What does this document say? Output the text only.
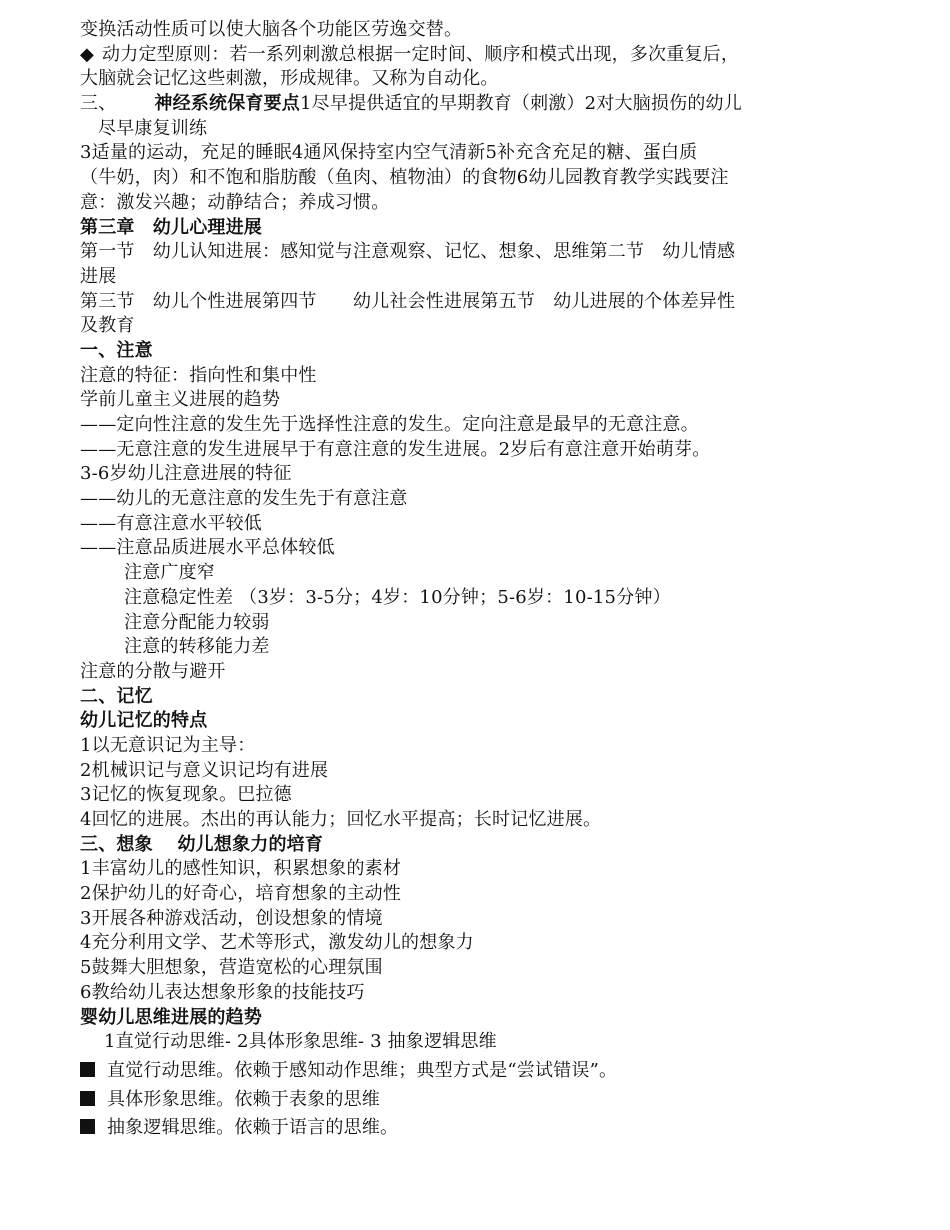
变换活动性质可以使大脑各个功能区劳逸交替。
◆ 动力定型原则：若一系列刺激总根据一定时间、顺序和模式出现，多次重复后，
大脑就会记忆这些刺激，形成规律。又称为自动化。
三、 神经系统保育要点1尽早提供适宜的早期教育（刺激）2对大脑损伤的幼儿
尽早康复训练
3适量的运动，充足的睡眠4通风保持室内空气清新5补充含充足的糖、蛋白质
（牛奶，肉）和不饱和脂肪酸（鱼肉、植物油）的食物6幼儿园教育教学实践要注
意：激发兴趣；动静结合；养成习惯。
第三章　幼儿心理进展
第一节　幼儿认知进展：感知觉与注意观察、记忆、想象、思维第二节　幼儿情感
进展
第三节　幼儿个性进展第四节　　幼儿社会性进展第五节　幼儿进展的个体差异性
及教育
一、注意
注意的特征：指向性和集中性
学前儿童主义进展的趋势
——定向性注意的发生先于选择性注意的发生。定向注意是最早的无意注意。
——无意注意的发生进展早于有意注意的发生进展。2岁后有意注意开始萌芽。
3-6岁幼儿注意进展的特征
——幼儿的无意注意的发生先于有意注意
——有意注意水平较低
——注意品质进展水平总体较低
注意广度窄
注意稳定性差 （3岁：3-5分；4岁：10分钟；5-6岁：10-15分钟）
注意分配能力较弱
注意的转移能力差
注意的分散与避开
二、记忆
幼儿记忆的特点
1以无意识记为主导：
2机械识记与意义识记均有进展
3记忆的恢复现象。巴拉德
4回忆的进展。杰出的再认能力；回忆水平提高；长时记忆进展。
三、想象　 幼儿想象力的培育
1丰富幼儿的感性知识，积累想象的素材
2保护幼儿的好奇心，培育想象的主动性
3开展各种游戏活动，创设想象的情境
4充分利用文学、艺术等形式，激发幼儿的想象力
5鼓舞大胆想象，营造宽松的心理氛围
6教给幼儿表达想象形象的技能技巧
婴幼儿思维进展的趋势
1直觉行动思维- 2具体形象思维- 3 抽象逻辑思维
直觉行动思维。依赖于感知动作思维；典型方式是“尝试错误”。
具体形象思维。依赖于表象的思维
抽象逻辑思维。依赖于语言的思维。
